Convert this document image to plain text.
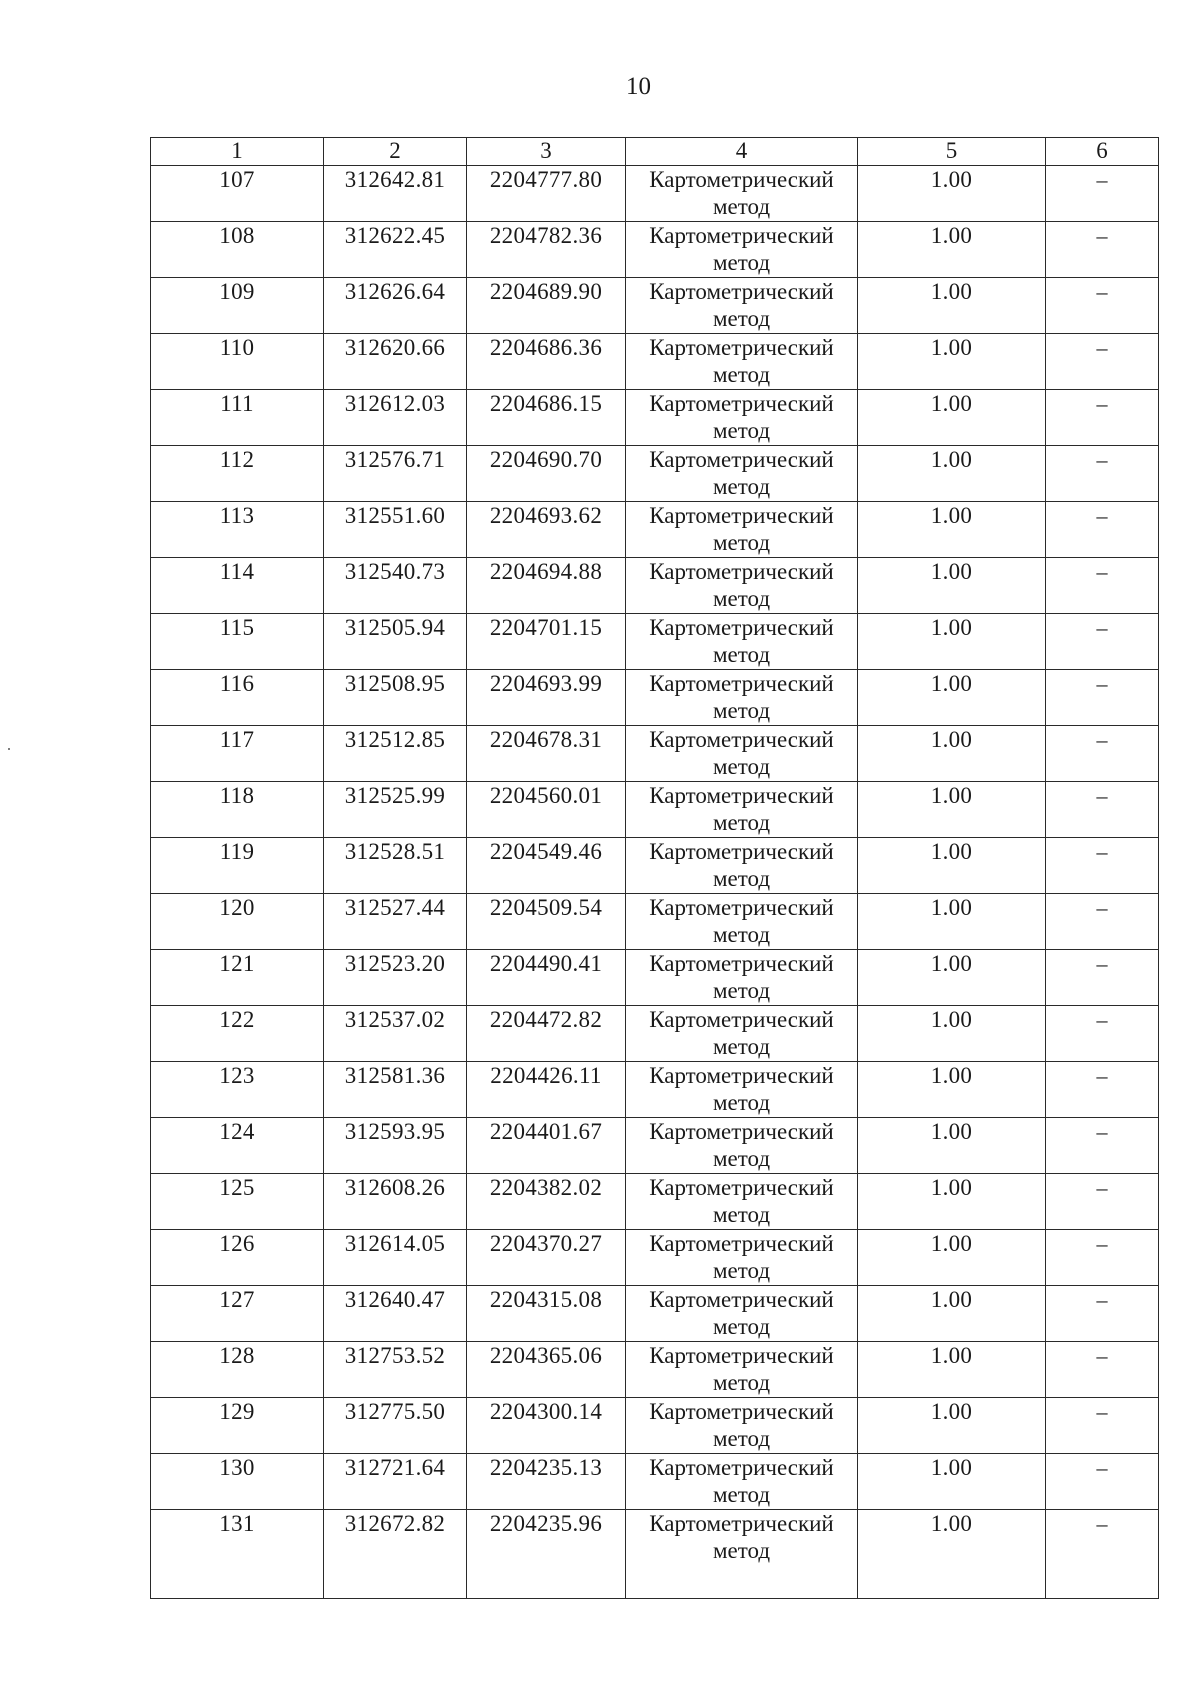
10
1	2	3	4	5	6
107	312642.81	2204777.80	Картометрический метод	1.00	–
108	312622.45	2204782.36	Картометрический метод	1.00	–
109	312626.64	2204689.90	Картометрический метод	1.00	–
110	312620.66	2204686.36	Картометрический метод	1.00	–
111	312612.03	2204686.15	Картометрический метод	1.00	–
112	312576.71	2204690.70	Картометрический метод	1.00	–
113	312551.60	2204693.62	Картометрический метод	1.00	–
114	312540.73	2204694.88	Картометрический метод	1.00	–
115	312505.94	2204701.15	Картометрический метод	1.00	–
116	312508.95	2204693.99	Картометрический метод	1.00	–
117	312512.85	2204678.31	Картометрический метод	1.00	–
118	312525.99	2204560.01	Картометрический метод	1.00	–
119	312528.51	2204549.46	Картометрический метод	1.00	–
120	312527.44	2204509.54	Картометрический метод	1.00	–
121	312523.20	2204490.41	Картометрический метод	1.00	–
122	312537.02	2204472.82	Картометрический метод	1.00	–
123	312581.36	2204426.11	Картометрический метод	1.00	–
124	312593.95	2204401.67	Картометрический метод	1.00	–
125	312608.26	2204382.02	Картометрический метод	1.00	–
126	312614.05	2204370.27	Картометрический метод	1.00	–
127	312640.47	2204315.08	Картометрический метод	1.00	–
128	312753.52	2204365.06	Картометрический метод	1.00	–
129	312775.50	2204300.14	Картометрический метод	1.00	–
130	312721.64	2204235.13	Картометрический метод	1.00	–
131	312672.82	2204235.96	Картометрический метод	1.00	–
